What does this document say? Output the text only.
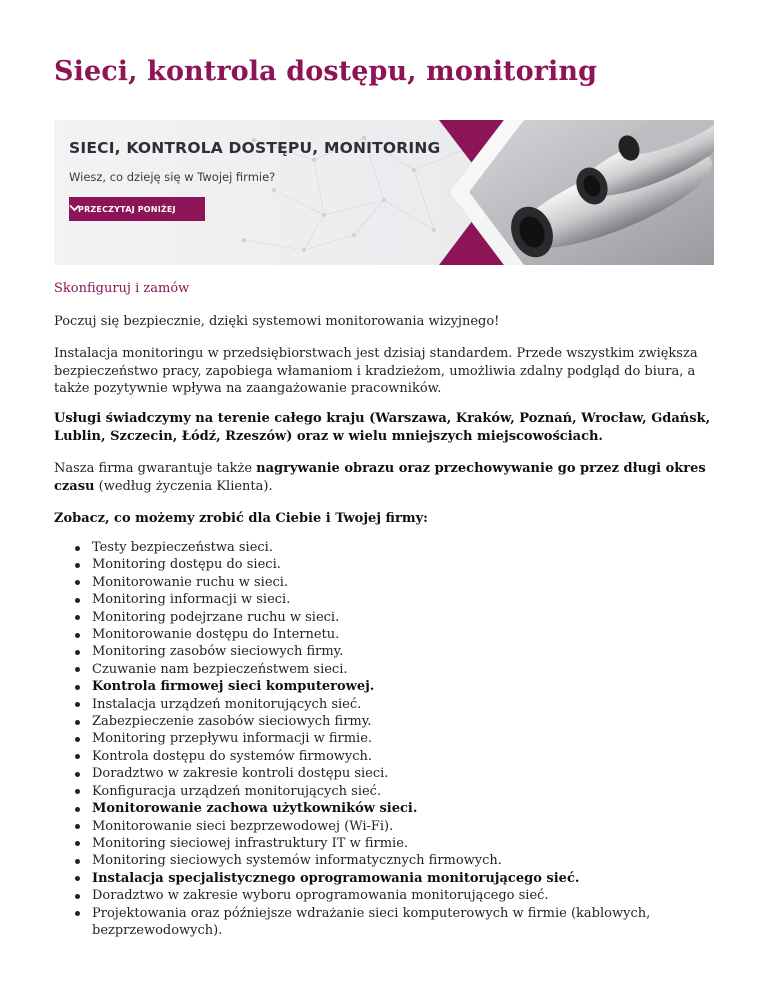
Sieci, kontrola dostępu, monitoring
SIECI, KONTROLA DOSTĘPU, MONITORING
Wiesz, co dzieję się w Twojej firmie?
PRZECZYTAJ PONIŻEJ
Skonfiguruj i zamów

Poczuj się bezpiecznie, dzięki systemowi monitorowania wizyjnego!

Instalacja monitoringu w przedsiębiorstwach jest dzisiaj standardem. Przede wszystkim zwiększa bezpieczeństwo pracy, zapobiega włamaniom i kradzieżom, umożliwia zdalny podgląd do biura, a także pozytywnie wpływa na zaangażowanie pracowników.

Usługi świadczymy na terenie całego kraju (Warszawa, Kraków, Poznań, Wrocław, Gdańsk, Lublin, Szczecin, Łódź, Rzeszów) oraz w wielu mniejszych miejscowościach.

Nasza firma gwarantuje także nagrywanie obrazu oraz przechowywanie go przez długi okres czasu (według życzenia Klienta).

Zobacz, co możemy zrobić dla Ciebie i Twojej firmy:

Testy bezpieczeństwa sieci.
Monitoring dostępu do sieci.
Monitorowanie ruchu w sieci.
Monitoring informacji w sieci.
Monitoring podejrzane ruchu w sieci.
Monitorowanie dostępu do Internetu.
Monitoring zasobów sieciowych firmy.
Czuwanie nam bezpieczeństwem sieci.
Kontrola firmowej sieci komputerowej.
Instalacja urządzeń monitorujących sieć.
Zabezpieczenie zasobów sieciowych firmy.
Monitoring przepływu informacji w firmie.
Kontrola dostępu do systemów firmowych.
Doradztwo w zakresie kontroli dostępu sieci.
Konfiguracja urządzeń monitorujących sieć.
Monitorowanie zachowa użytkowników sieci.
Monitorowanie sieci bezprzewodowej (Wi-Fi).
Monitoring sieciowej infrastruktury IT w firmie.
Monitoring sieciowych systemów informatycznych firmowych.
Instalacja specjalistycznego oprogramowania monitorującego sieć.
Doradztwo w zakresie wyboru oprogramowania monitorującego sieć.
Projektowania oraz późniejsze wdrażanie sieci komputerowych w firmie (kablowych, bezprzewodowych).
